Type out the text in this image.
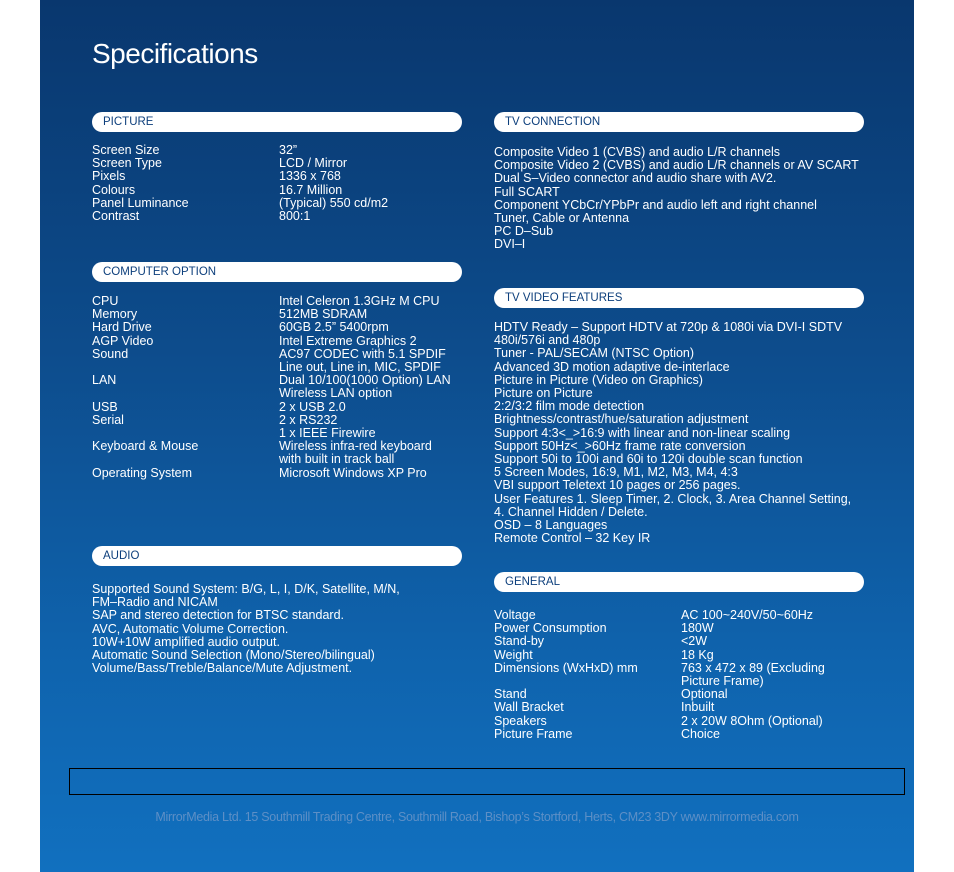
Specifications
PICTURE
Screen Size	32”
Screen Type	LCD / Mirror
Pixels	1336 x 768
Colours	16.7 Million
Panel Luminance	(Typical) 550 cd/m2
Contrast	800:1
COMPUTER OPTION
CPU	Intel Celeron 1.3GHz M CPU
Memory	512MB SDRAM
Hard Drive	60GB 2.5” 5400rpm
AGP Video	Intel Extreme Graphics 2
Sound	AC97 CODEC with 5.1 SPDIF
Line out, Line in, MIC, SPDIF
LAN	Dual 10/100(1000 Option) LAN
Wireless LAN option
USB	2 x USB 2.0
Serial	2 x RS232
1 x IEEE Firewire
Keyboard & Mouse	Wireless infra-red keyboard
with built in track ball
Operating System	Microsoft Windows XP Pro
AUDIO
Supported Sound System: B/G, L, I, D/K, Satellite, M/N,
FM–Radio and NICAM
SAP and stereo detection for BTSC standard.
AVC, Automatic Volume Correction.
10W+10W amplified audio output.
Automatic Sound Selection (Mono/Stereo/bilingual)
Volume/Bass/Treble/Balance/Mute Adjustment.
TV CONNECTION
Composite Video 1 (CVBS) and audio L/R channels
Composite Video 2 (CVBS) and audio L/R channels or AV SCART
Dual S–Video connector and audio share with AV2.
Full SCART
Component YCbCr/YPbPr and audio left and right channel
Tuner, Cable or Antenna
PC D–Sub
DVI–I
TV VIDEO FEATURES
HDTV Ready – Support HDTV at 720p & 1080i via DVI-I SDTV
480i/576i and 480p
Tuner - PAL/SECAM (NTSC Option)
Advanced 3D motion adaptive de-interlace
Picture in Picture (Video on Graphics)
Picture on Picture
2:2/3:2 film mode detection
Brightness/contrast/hue/saturation adjustment
Support 4:3<_>16:9 with linear and non-linear scaling
Support 50Hz<_>60Hz frame rate conversion
Support 50i to 100i and 60i to 120i double scan function
5 Screen Modes, 16:9, M1, M2, M3, M4, 4:3
VBI support Teletext 10 pages or 256 pages.
User Features 1. Sleep Timer, 2. Clock, 3. Area Channel Setting,
4. Channel Hidden / Delete.
OSD – 8 Languages
Remote Control – 32 Key IR
GENERAL
Voltage	AC 100~240V/50~60Hz
Power Consumption	180W
Stand-by	<2W
Weight	18 Kg
Dimensions (WxHxD) mm	763 x 472 x 89 (Excluding
Picture Frame)
Stand	Optional
Wall Bracket	Inbuilt
Speakers	2 x 20W 8Ohm (Optional)
Picture Frame	Choice
MirrorMedia Ltd. 15 Southmill Trading Centre, Southmill Road, Bishop’s Stortford, Herts, CM23 3DY www.mirrormedia.com
